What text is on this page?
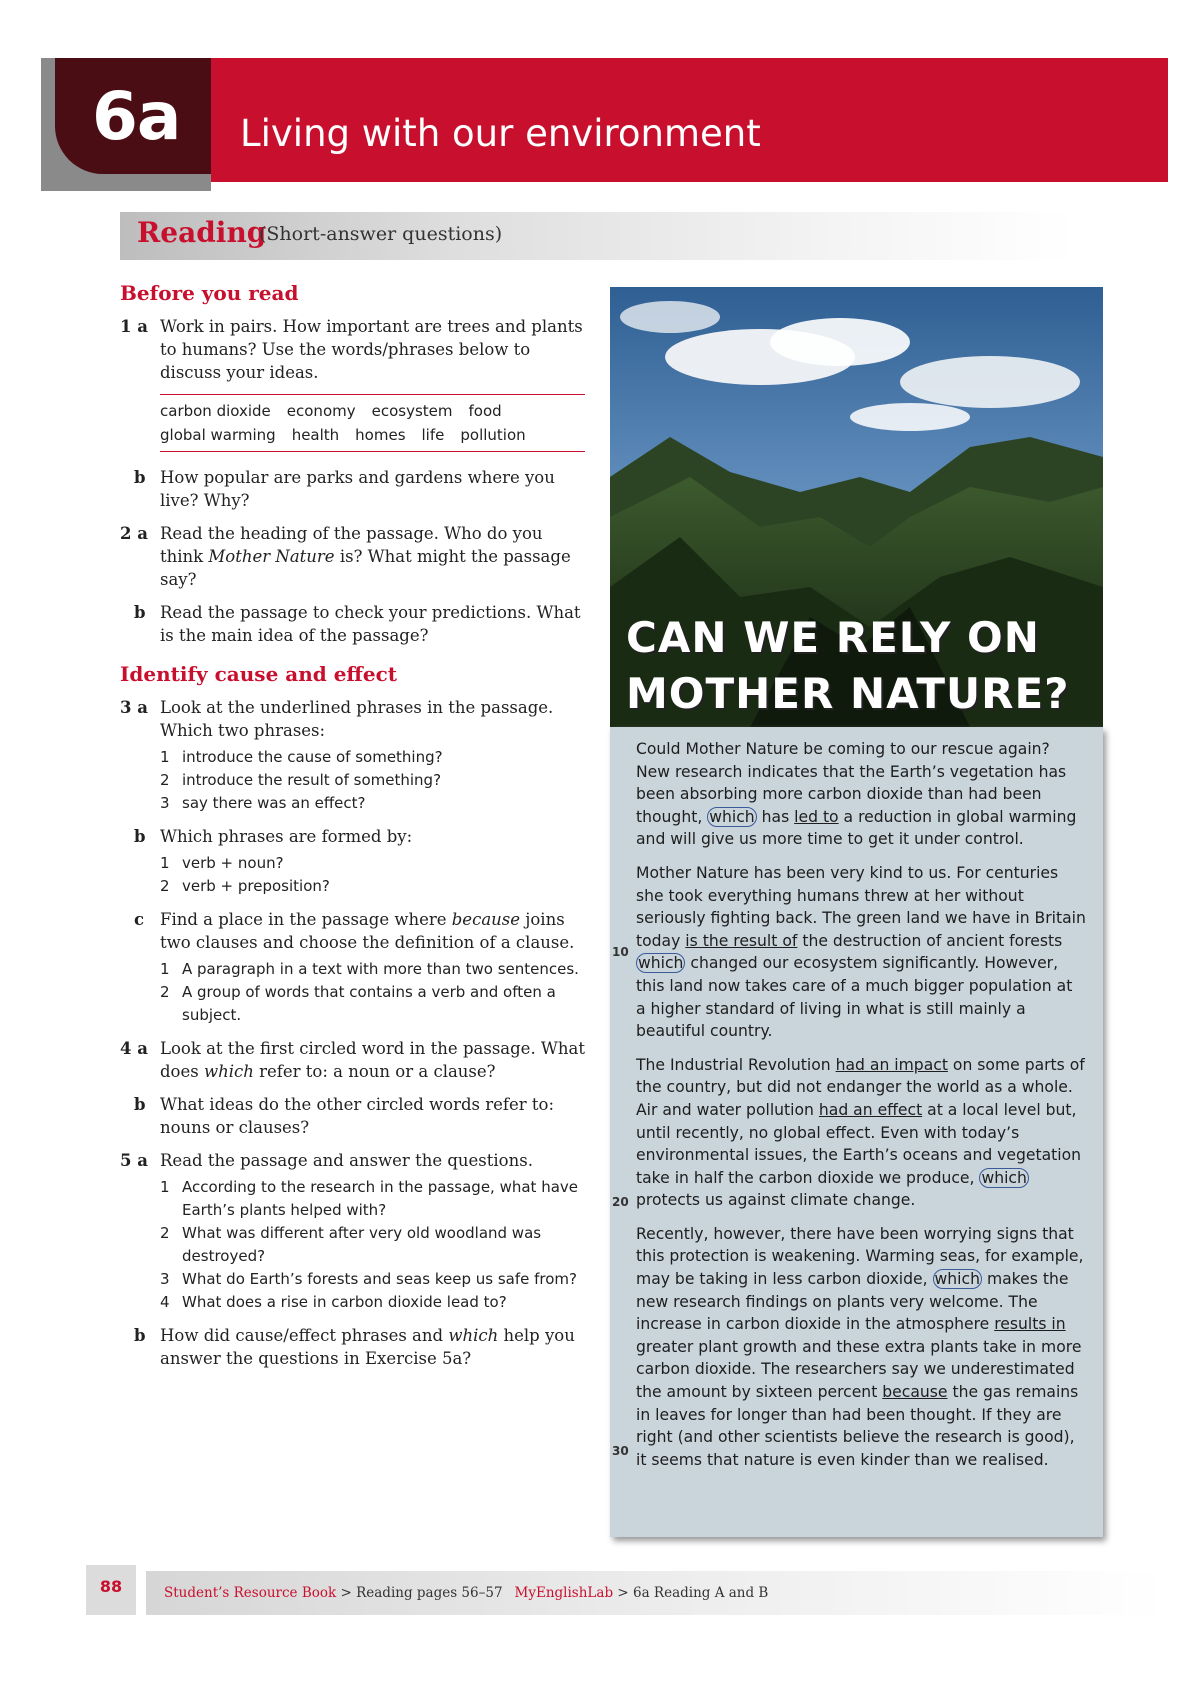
6a Living with our environment
Reading
(Short-answer questions)
Before you read
1 a Work in pairs. How important are trees and plants to humans? Use the words/phrases below to discuss your ideas.
carbon dioxide economy ecosystem food
global warming health homes life pollution
b How popular are parks and gardens where you live? Why?
2 a Read the heading of the passage. Who do you think Mother Nature is? What might the passage say?
b Read the passage to check your predictions. What is the main idea of the passage?
Identify cause and effect
3 a Look at the underlined phrases in the passage. Which two phrases:
1 introduce the cause of something?
2 introduce the result of something?
3 say there was an effect?
b Which phrases are formed by:
1 verb + noun?
2 verb + preposition?
c Find a place in the passage where because joins two clauses and choose the definition of a clause.
1 A paragraph in a text with more than two sentences.
2 A group of words that contains a verb and often a subject.
4 a Look at the first circled word in the passage. What does which refer to: a noun or a clause?
b What ideas do the other circled words refer to: nouns or clauses?
5 a Read the passage and answer the questions.
1 According to the research in the passage, what have Earth’s plants helped with?
2 What was different after very old woodland was destroyed?
3 What do Earth’s forests and seas keep us safe from?
4 What does a rise in carbon dioxide lead to?
b How did cause/effect phrases and which help you answer the questions in Exercise 5a?
CAN WE RELY ON
MOTHER NATURE?
10
20
30

Could Mother Nature be coming to our rescue again? New research indicates that the Earth’s vegetation has been absorbing more carbon dioxide than had been thought, which has led to a reduction in global warming and will give us more time to get it under control.

Mother Nature has been very kind to us. For centuries she took everything humans threw at her without seriously fighting back. The green land we have in Britain today is the result of the destruction of ancient forests which changed our ecosystem significantly. However, this land now takes care of a much bigger population at a higher standard of living in what is still mainly a beautiful country.

The Industrial Revolution had an impact on some parts of the country, but did not endanger the world as a whole. Air and water pollution had an effect at a local level but, until recently, no global effect. Even with today’s environmental issues, the Earth’s oceans and vegetation take in half the carbon dioxide we produce, which protects us against climate change.

Recently, however, there have been worrying signs that this protection is weakening. Warming seas, for example, may be taking in less carbon dioxide, which makes the new research findings on plants very welcome. The increase in carbon dioxide in the atmosphere results in greater plant growth and these extra plants take in more carbon dioxide. The researchers say we underestimated the amount by sixteen percent because the gas remains in leaves for longer than had been thought. If they are right (and other scientists believe the research is good), it seems that nature is even kinder than we realised.

88	Student’s Resource Book > Reading pages 56–57 MyEnglishLab > 6a Reading A and B
